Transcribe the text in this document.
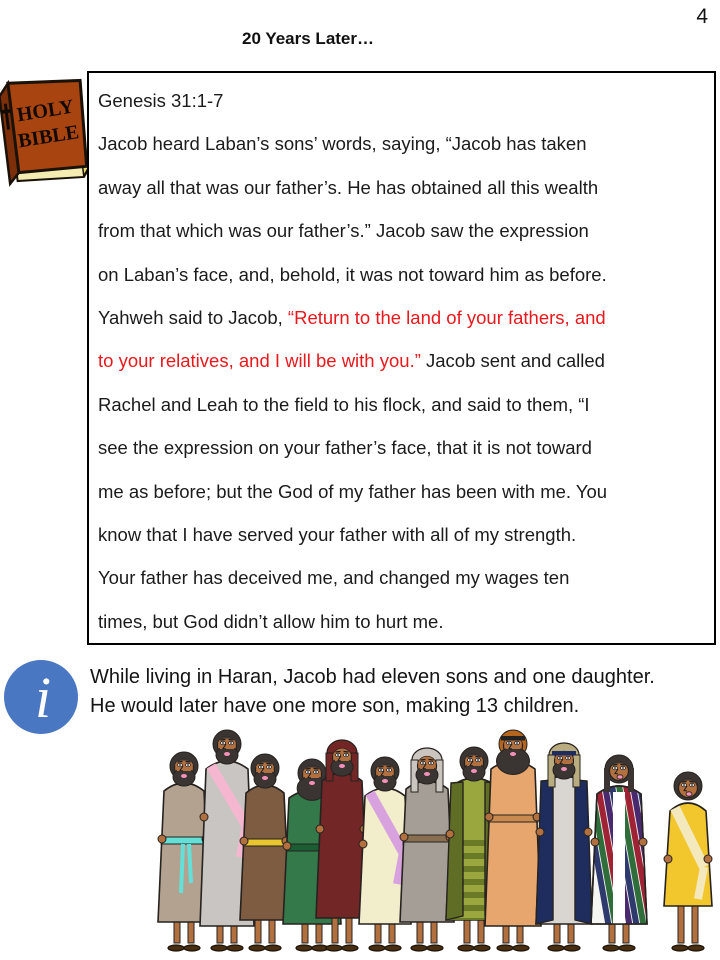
4
20 Years Later…
HOLY
BIBLE
Genesis 31:1-7
Jacob heard Laban’s sons’ words, saying, “Jacob has taken
away all that was our father’s. He has obtained all this wealth
from that which was our father’s.” Jacob saw the expression
on Laban’s face, and, behold, it was not toward him as before.
Yahweh said to Jacob, “Return to the land of your fathers, and
to your relatives, and I will be with you.” Jacob sent and called
Rachel and Leah to the field to his flock, and said to them, “I
see the expression on your father’s face, that it is not toward
me as before; but the God of my father has been with me. You
know that I have served your father with all of my strength.
Your father has deceived me, and changed my wages ten
times, but God didn’t allow him to hurt me.
i While living in Haran, Jacob had eleven sons and one daughter.
He would later have one more son, making 13 children.
